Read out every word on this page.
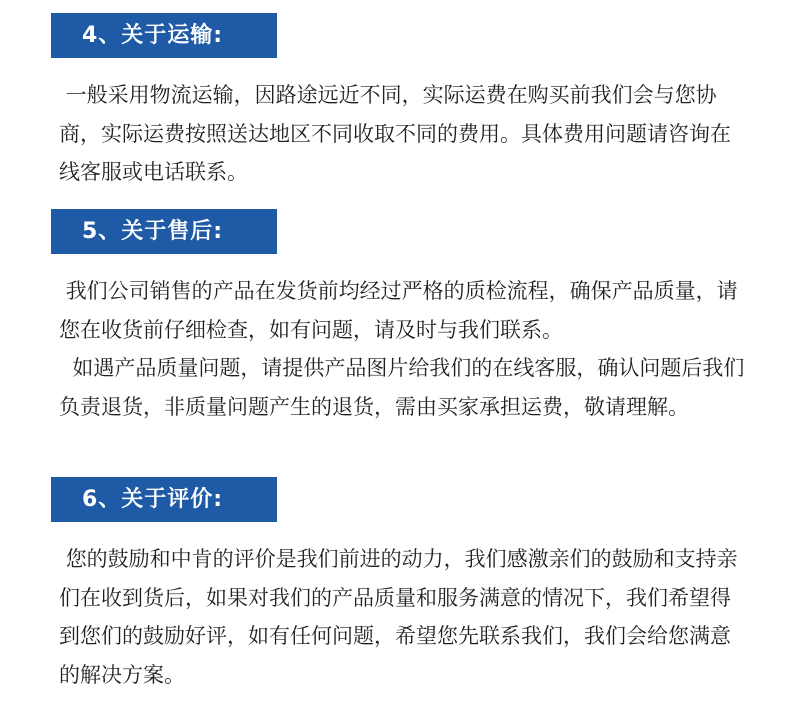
4、关于运输:

一般采用物流运输，因路途远近不同，实际运费在购买前我们会与您协商，实际运费按照送达地区不同收取不同的费用。具体费用问题请咨询在线客服或电话联系。

5、关于售后:

我们公司销售的产品在发货前均经过严格的质检流程，确保产品质量，请您在收货前仔细检查，如有问题，请及时与我们联系。

如遇产品质量问题，请提供产品图片给我们的在线客服，确认问题后我们负责退货，非质量问题产生的退货，需由买家承担运费，敬请理解。

6、关于评价:

您的鼓励和中肯的评价是我们前进的动力，我们感激亲们的鼓励和支持亲们在收到货后，如果对我们的产品质量和服务满意的情况下，我们希望得到您们的鼓励好评，如有任何问题，希望您先联系我们，我们会给您满意的解决方案。
